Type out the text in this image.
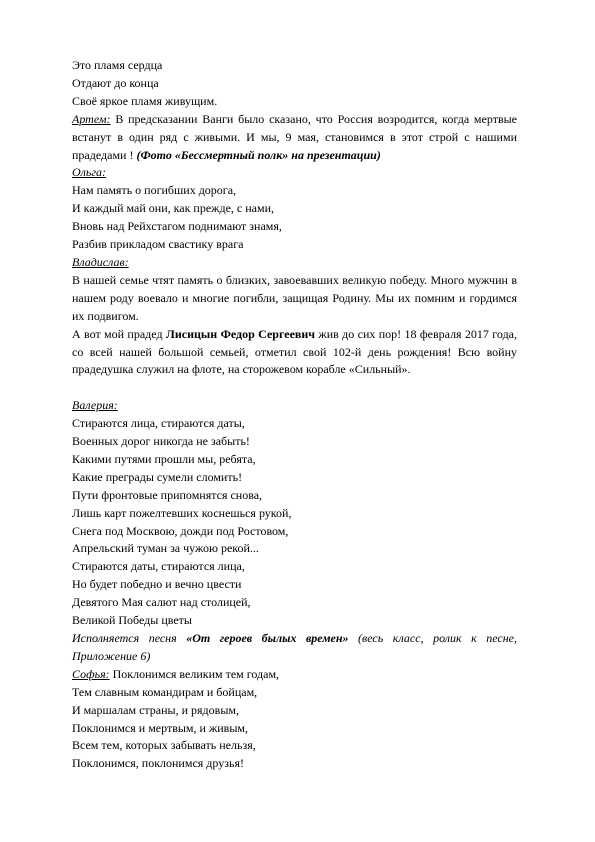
Это пламя сердца
Отдают до конца
Своё яркое пламя живущим.
Артем: В предсказании Ванги было сказано, что Россия возродится, когда мертвые встанут в один ряд с живыми. И мы, 9 мая, становимся в этот строй с нашими прадедами ! (Фото «Бессмертный полк» на презентации)
Ольга:
Нам память о погибших дорога,
И каждый май они, как прежде, с нами,
Вновь над Рейхстагом поднимают знамя,
Разбив прикладом свастику врага
Владислав:
В нашей семье чтят память о близких, завоевавших великую победу. Много мужчин в нашем роду воевало и многие погибли, защищая Родину. Мы их помним и гордимся их подвигом.
А вот мой прадед Лисицын Федор Сергеевич жив до сих пор! 18 февраля 2017 года, со всей нашей большой семьей, отметил свой 102-й день рождения! Всю войну прадедушка служил на флоте, на сторожевом корабле «Сильный».
Валерия:
Стираются лица, стираются даты,
Военных дорог никогда не забыть!
Какими путями прошли мы, ребята,
Какие преграды сумели сломить!
Пути фронтовые припомнятся снова,
Лишь карт пожелтевших коснешься рукой,
Снега под Москвою, дожди под Ростовом,
Апрельский туман за чужою рекой...
Стираются даты, стираются лица,
Но будет победно и вечно цвести
Девятого Мая салют над столицей,
Великой Победы цветы
Исполняется песня «От героев былых времен» (весь класс, ролик к песне, Приложение 6)
Софья: Поклонимся великим тем годам,
Тем славным командирам и бойцам,
И маршалам страны, и рядовым,
Поклонимся и мертвым, и живым,
Всем тем, которых забывать нельзя,
Поклонимся, поклонимся друзья!
